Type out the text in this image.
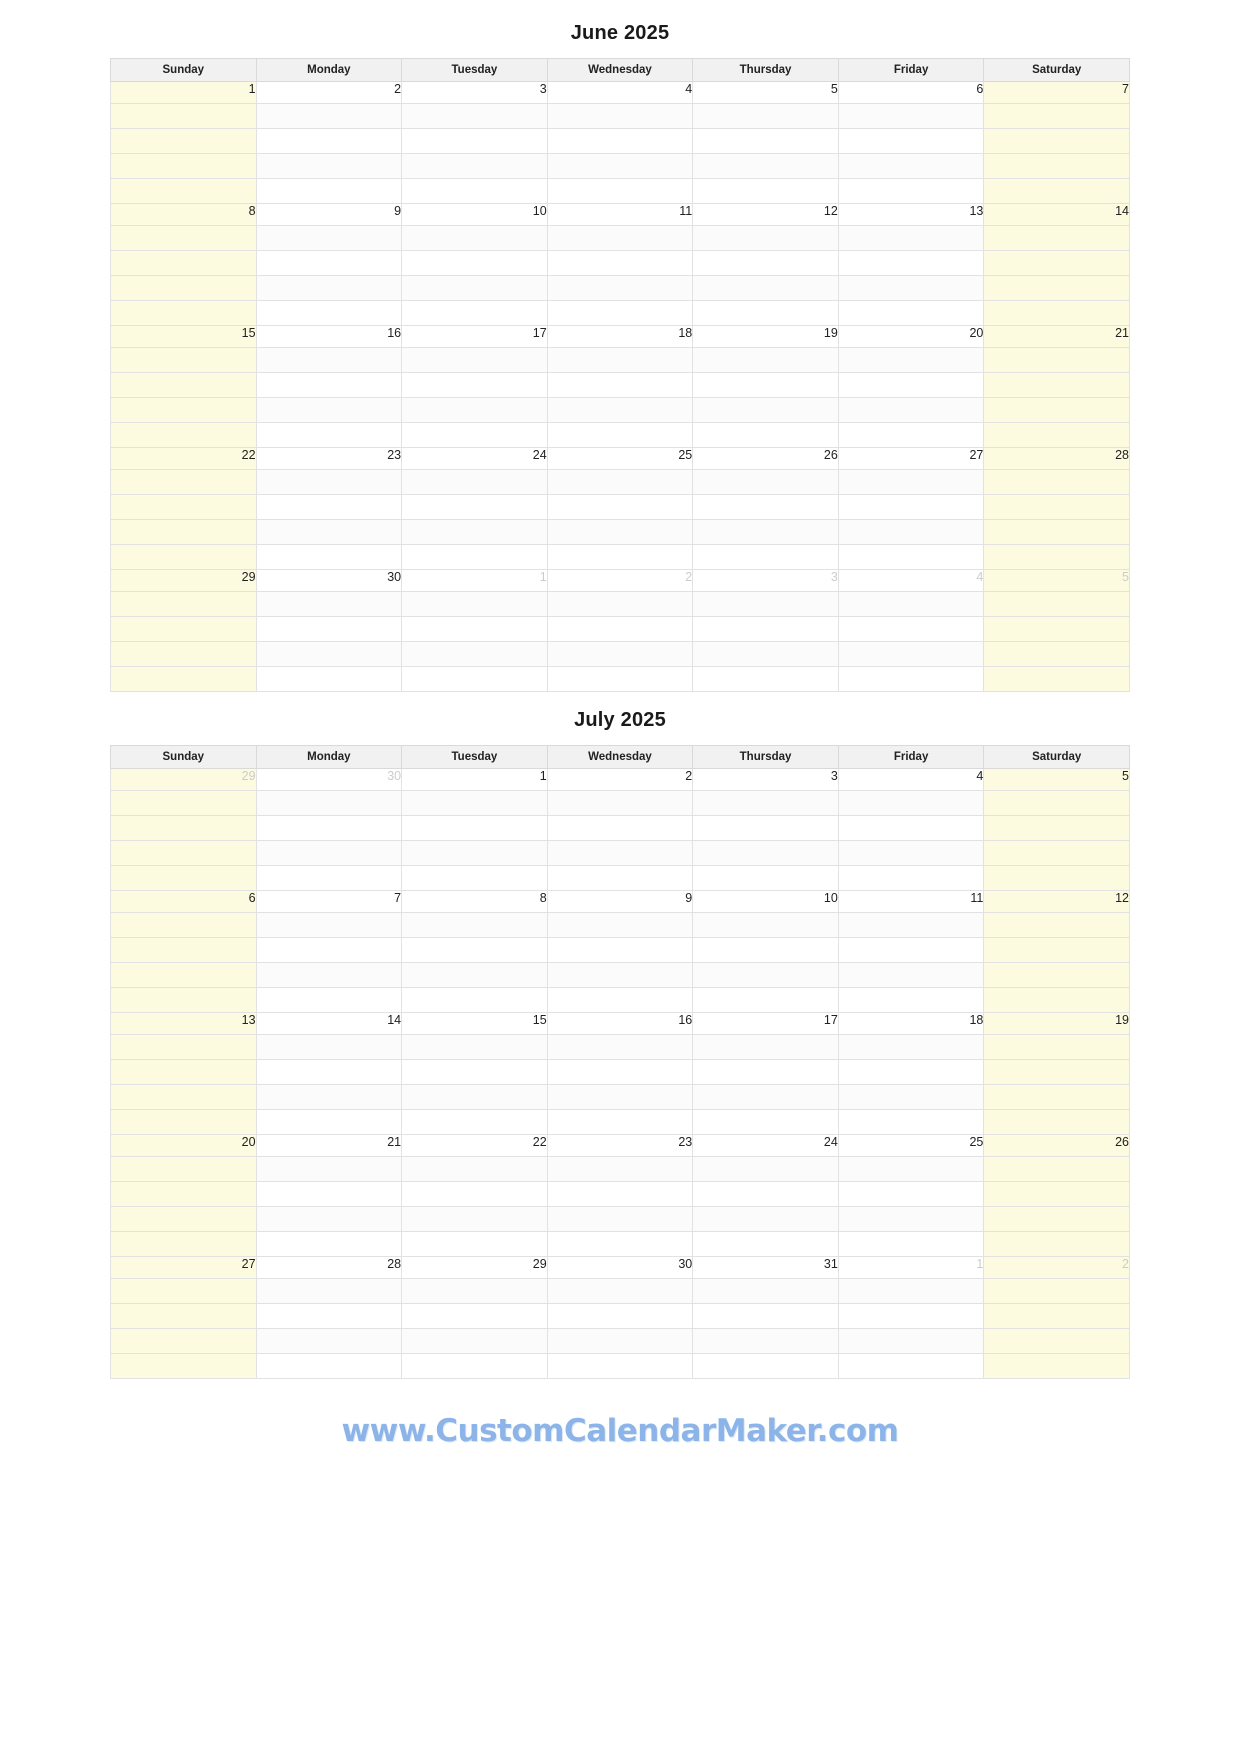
June 2025
Sunday	Monday	Tuesday	Wednesday	Thursday	Friday	Saturday
1	2	3	4	5	6	7

8	9	10	11	12	13	14

15	16	17	18	19	20	21

22	23	24	25	26	27	28

29	30	1	2	3	4	5

July 2025
Sunday	Monday	Tuesday	Wednesday	Thursday	Friday	Saturday
29	30	1	2	3	4	5

6	7	8	9	10	11	12

13	14	15	16	17	18	19

20	21	22	23	24	25	26

27	28	29	30	31	1	2

www.CustomCalendarMaker.com
